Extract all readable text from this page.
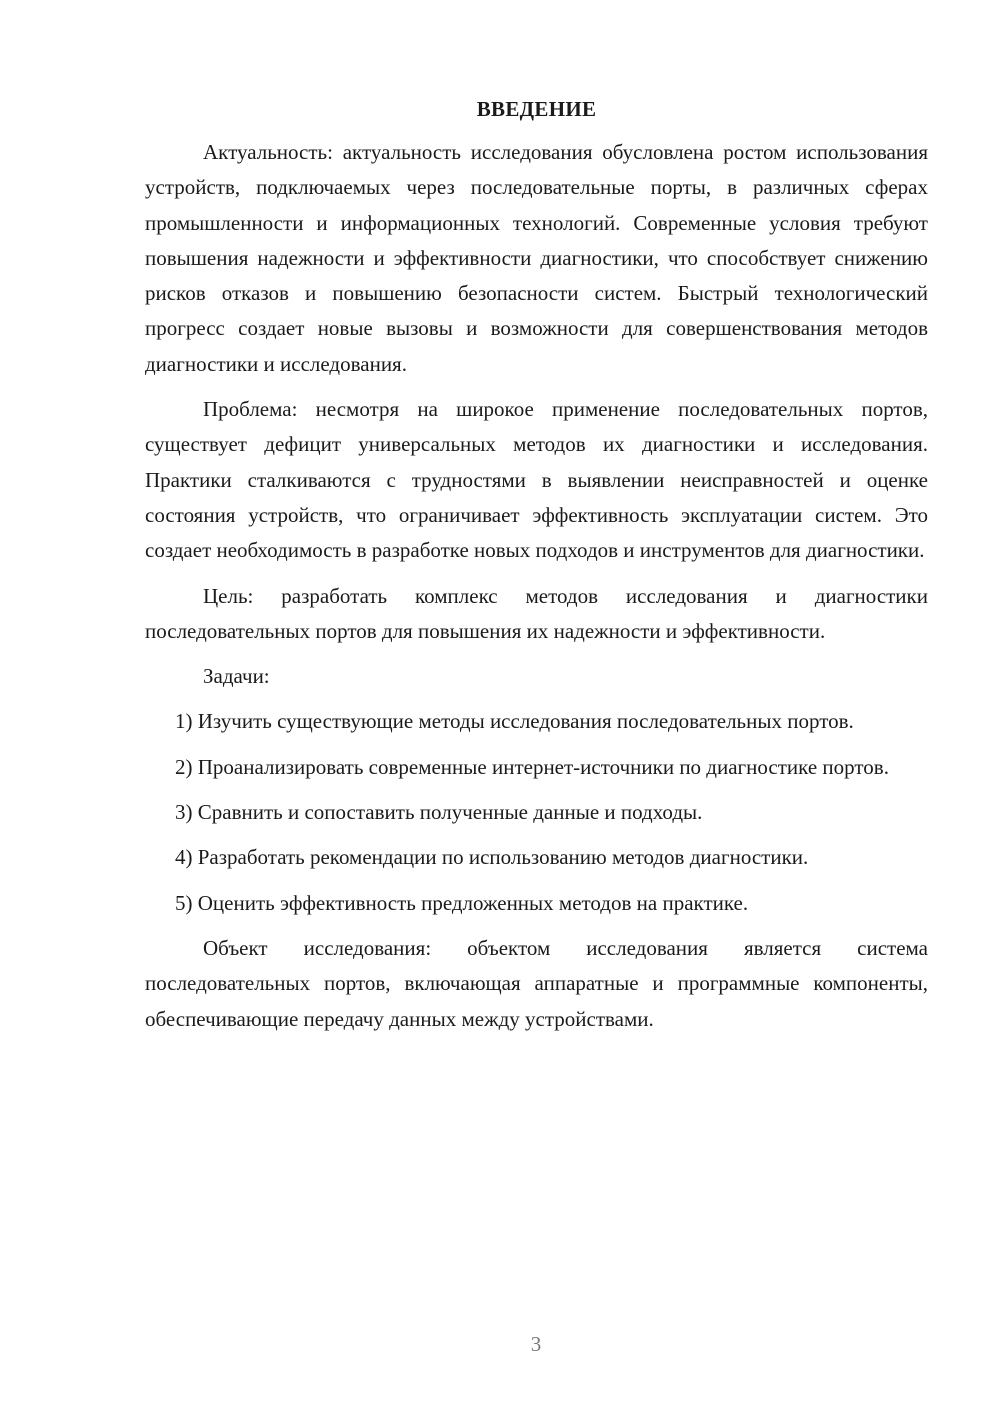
ВВЕДЕНИЕ

Актуальность: актуальность исследования обусловлена ростом использования устройств, подключаемых через последовательные порты, в различных сферах промышленности и информационных технологий. Современные условия требуют повышения надежности и эффективности диагностики, что способствует снижению рисков отказов и повышению безопасности систем. Быстрый технологический прогресс создает новые вызовы и возможности для совершенствования методов диагностики и исследования.

Проблема: несмотря на широкое применение последовательных портов, существует дефицит универсальных методов их диагностики и исследования. Практики сталкиваются с трудностями в выявлении неисправностей и оценке состояния устройств, что ограничивает эффективность эксплуатации систем. Это создает необходимость в разработке новых подходов и инструментов для диагностики.

Цель: разработать комплекс методов исследования и диагностики последовательных портов для повышения их надежности и эффективности.

Задачи:

1) Изучить существующие методы исследования последовательных портов.

2) Проанализировать современные интернет-источники по диагностике портов.

3) Сравнить и сопоставить полученные данные и подходы.

4) Разработать рекомендации по использованию методов диагностики.

5) Оценить эффективность предложенных методов на практике.

Объект исследования: объектом исследования является система последовательных портов, включающая аппаратные и программные компоненты, обеспечивающие передачу данных между устройствами.

3
